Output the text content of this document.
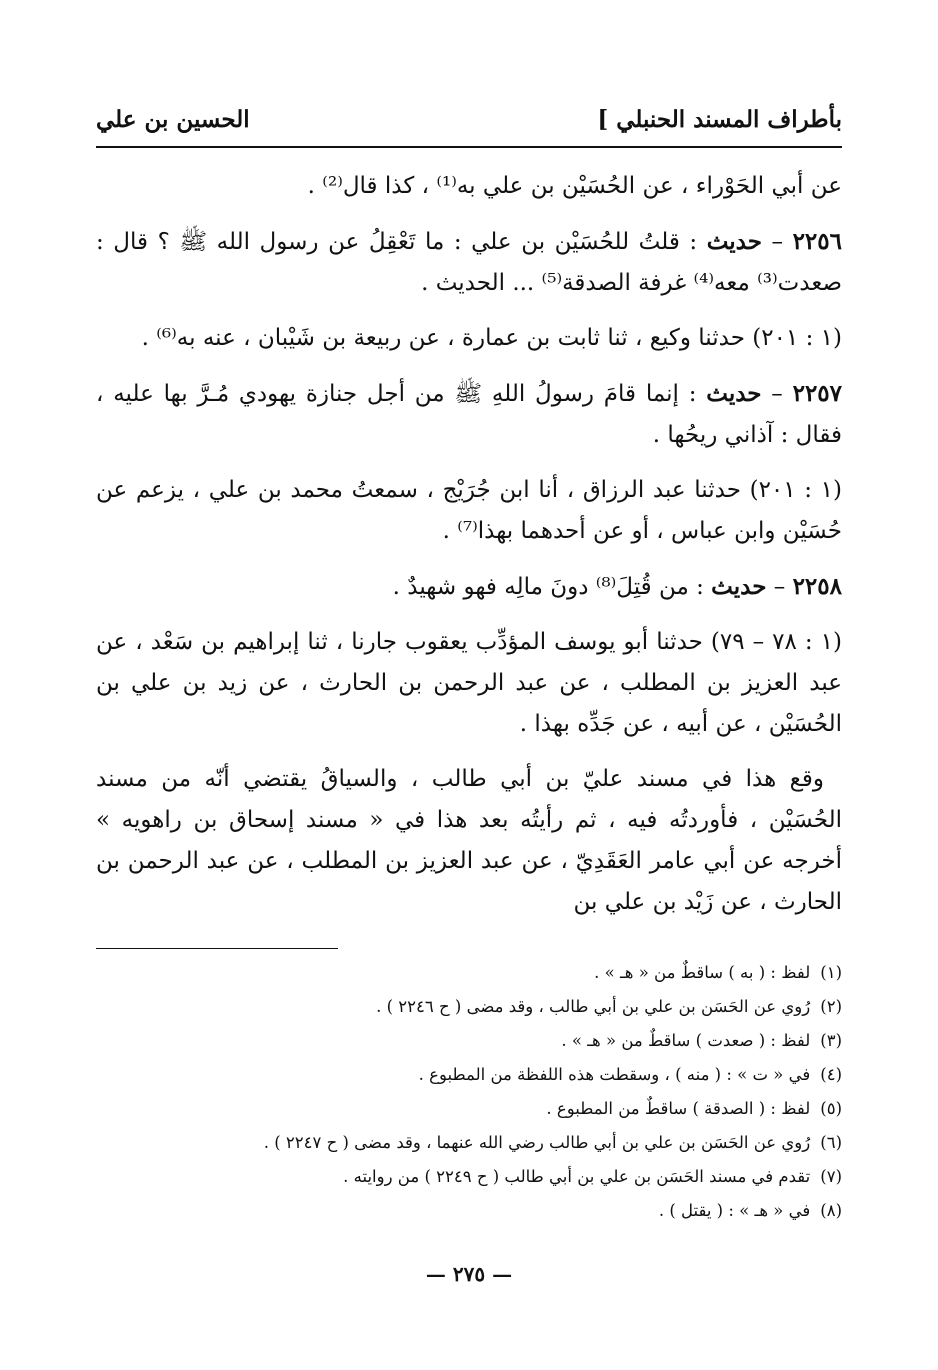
بأطراف المسند الحنبلي ]
الحسين بن علي

عن أبي الحَوْراء ، عن الحُسَيْن بن علي به⁽¹⁾ ، كذا قال⁽²⁾ .

٢٢٥٦ – حديث : قلتُ للحُسَيْن بن علي : ما تَعْقِلُ عن رسول الله ﷺ ؟ قال : صعدت⁽³⁾ معه⁽⁴⁾ غرفة الصدقة⁽⁵⁾ ... الحديث .

(١ : ٢٠١) حدثنا وكيع ، ثنا ثابت بن عمارة ، عن ربيعة بن شَيْبان ، عنه به⁽⁶⁾ .

٢٢٥٧ – حديث : إنما قامَ رسولُ اللهِ ﷺ من أجل جنازة يهودي مُـرَّ بها عليه ، فقال : آذاني ريحُها .

(١ : ٢٠١) حدثنا عبد الرزاق ، أنا ابن جُرَيْج ، سمعتُ محمد بن علي ، يزعم عن حُسَيْن وابن عباس ، أو عن أحدهما بهذا⁽⁷⁾ .

٢٢٥٨ – حديث : من قُتِلَ⁽⁸⁾ دونَ مالِه فهو شهيدٌ .

(١ : ٧٨ – ٧٩) حدثنا أبو يوسف المؤدِّب يعقوب جارنا ، ثنا إبراهيم بن سَعْد ، عن عبد العزيز بن المطلب ، عن عبد الرحمن بن الحارث ، عن زيد بن علي بن الحُسَيْن ، عن أبيه ، عن جَدِّه بهذا .

وقع هذا في مسند عليّ بن أبي طالب ، والسياقُ يقتضي أنّه من مسند الحُسَيْن ، فأوردتُه فيه ، ثم رأيتُه بعد هذا في « مسند إسحاق بن راهويه » أخرجه عن أبي عامر العَقَدِيّ ، عن عبد العزيز بن المطلب ، عن عبد الرحمن بن الحارث ، عن زَيْد بن علي بن

(١)لفظ : ( به ) ساقطٌ من « هـ » .
(٢)رُوي عن الحَسَن بن علي بن أبي طالب ، وقد مضى ( ح ٢٢٤٦ ) .
(٣)لفظ : ( صعدت ) ساقطٌ من « هـ » .
(٤)في « ت » : ( منه ) ، وسقطت هذه اللفظة من المطبوع .
(٥)لفظ : ( الصدقة ) ساقطٌ من المطبوع .
(٦)رُوي عن الحَسَن بن علي بن أبي طالب رضي الله عنهما ، وقد مضى ( ح ٢٢٤٧ ) .
(٧)تقدم في مسند الحَسَن بن علي بن أبي طالب ( ح ٢٢٤٩ ) من روايته .
(٨)في « هـ » : ( يقتل ) .
— ٢٧٥ —
